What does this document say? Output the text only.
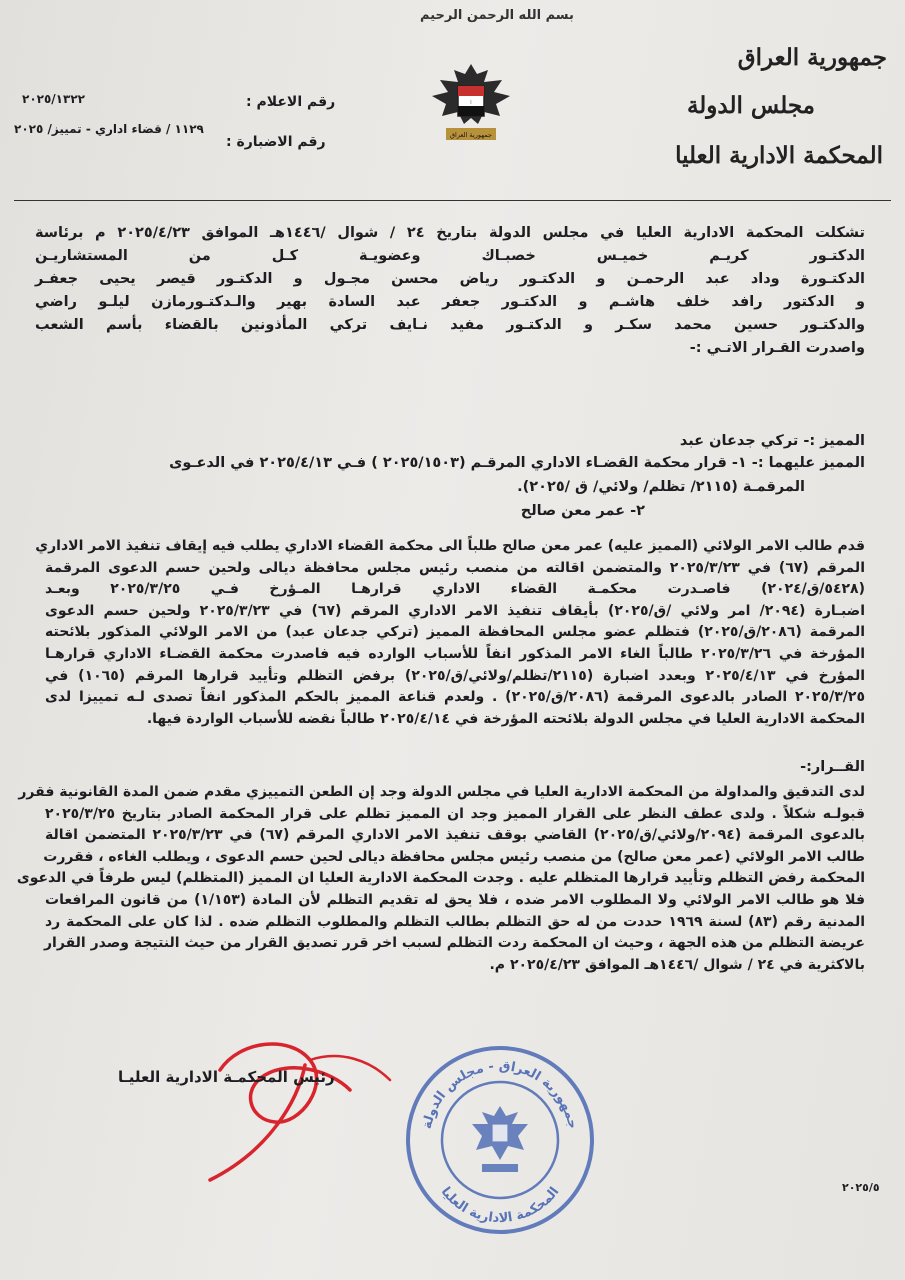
بسم الله الرحمن الرحيم
جمهورية العراق
مجلس الدولة
المحكمة الادارية العليا
ا
جمهورية العراق
رقم الاعلام :
٢٠٢٥/١٣٢٢
رقم الاضبارة :
١١٢٩ / قضاء اداري - تمييز/ ٢٠٢٥
تشكلت المحكمة الادارية العليا في مجلس الدولة بتاريخ ٢٤ / شوال /١٤٤٦هـ الموافق ٢٠٢٥/٤/٢٣ م برئاسة
الدكتـور كريـم خميـس خصبـاك وعضويـة كـل من المستشاريـن
الدكتـورة وداد عبد الرحمـن و الدكتـور رياض محسن مجـول و الدكتـور قيصر يحيى جعفـر
و الدكتور رافد خلف هاشـم و الدكتـور جعفر عبد السادة بهير والـدكتـورمازن ليلـو راضي
والدكتـور حسين محمد سكـر و الدكتـور مفيد نـايف تركي المأذونين بالقضاء بأسم الشعب
واصدرت القـرار الاتـي :-
المميز :- تركي جدعان عبد
المميز عليهما :- ١- قرار محكمة القضـاء الاداري المرقـم (٢٠٢٥/١٥٠٣ ) فـي ٢٠٢٥/٤/١٣ في الدعـوى
المرقمـة (٢١١٥/ تظلم/ ولائي/ ق /٢٠٢٥).
٢- عمر معن صالح
قدم طالب الامر الولائي (المميز عليه) عمر معن صالح طلباً الى محكمة القضاء الاداري يطلب فيه إيقاف تنفيذ الامر الاداري
المرقم (٦٧) في ٢٠٢٥/٣/٢٣ والمتضمن اقالته من منصب رئيس مجلس محافظة ديالى ولحين حسم الدعوى المرقمة
(٥٤٢٨/ق/٢٠٢٤) فاصـدرت محكمـة القضاء الاداري قرارهـا المـؤرخ فـي ٢٠٢٥/٣/٢٥ وبعـد
اضبـارة (٢٠٩٤/ امر ولائي /ق/٢٠٢٥) بأيقاف تنفيذ الامر الاداري المرقم (٦٧) في ٢٠٢٥/٣/٢٣ ولحين حسم الدعوى
المرقمة (٢٠٨٦/ق/٢٠٢٥) فتظلم عضو مجلس المحافظة المميز (تركي جدعان عبد) من الامر الولائي المذكور بلائحته
المؤرخة في ٢٠٢٥/٣/٢٦ طالباً الغاء الامر المذكور انفاً للأسباب الوارده فيه فاصدرت محكمة القضـاء الاداري قرارهـا
المؤرخ في ٢٠٢٥/٤/١٣ وبعدد اضبارة (٢١١٥/تظلم/ولائي/ق/٢٠٢٥) برفض التظلم وتأييد قرارها المرقم (١٠٦٥) في
٢٠٢٥/٣/٢٥ الصادر بالدعوى المرقمة (٢٠٨٦/ق/٢٠٢٥) . ولعدم قناعة المميز بالحكم المذكور انفاً تصدى لـه تمييزا لدى
المحكمة الادارية العليا في مجلس الدولة بلائحته المؤرخة في ٢٠٢٥/٤/١٤ طالباً نقضه للأسباب الواردة فيها.
القــرار:-
لدى التدقيق والمداولة من المحكمة الادارية العليا في مجلس الدولة وجد إن الطعن التمييزي مقدم ضمن المدة القانونية فقرر
قبولـه شكلاً . ولدى عطف النظر على القرار المميز وجد ان المميز تظلم على قرار المحكمة الصادر بتاريخ ٢٠٢٥/٣/٢٥
بالدعوى المرقمة (٢٠٩٤/ولائي/ق/٢٠٢٥) القاضي بوقف تنفيذ الامر الاداري المرقم (٦٧) في ٢٠٢٥/٣/٢٣ المتضمن اقالة
طالب الامر الولائي (عمر معن صالح) من منصب رئيس مجلس محافظة ديالى لحين حسم الدعوى ، ويطلب الغاءه ، فقررت
المحكمة رفض التظلم وتأييد قرارها المتظلم عليه . وجدت المحكمة الادارية العليا ان المميز (المتظلم) ليس طرفاً في الدعوى
فلا هو طالب الامر الولائي ولا المطلوب الامر ضده ، فلا يحق له تقديم التظلم لأن المادة (١/١٥٣) من قانون المرافعات
المدنية رقم (٨٣) لسنة ١٩٦٩ حددت من له حق التظلم بطالب التظلم والمطلوب التظلم ضده . لذا كان على المحكمة رد
عريضة التظلم من هذه الجهة ، وحيث ان المحكمة ردت التظلم لسبب اخر قرر تصديق القرار من حيث النتيجة وصدر القرار
بالاكثرية في ٢٤ / شوال /١٤٤٦هـ الموافق ٢٠٢٥/٤/٢٣ م.
جمهورية العراق - مجلس الدولة
المحكمة الادارية العليا
رئيس المحكمـة الادارية العليـا
٢٠٢٥/٥
